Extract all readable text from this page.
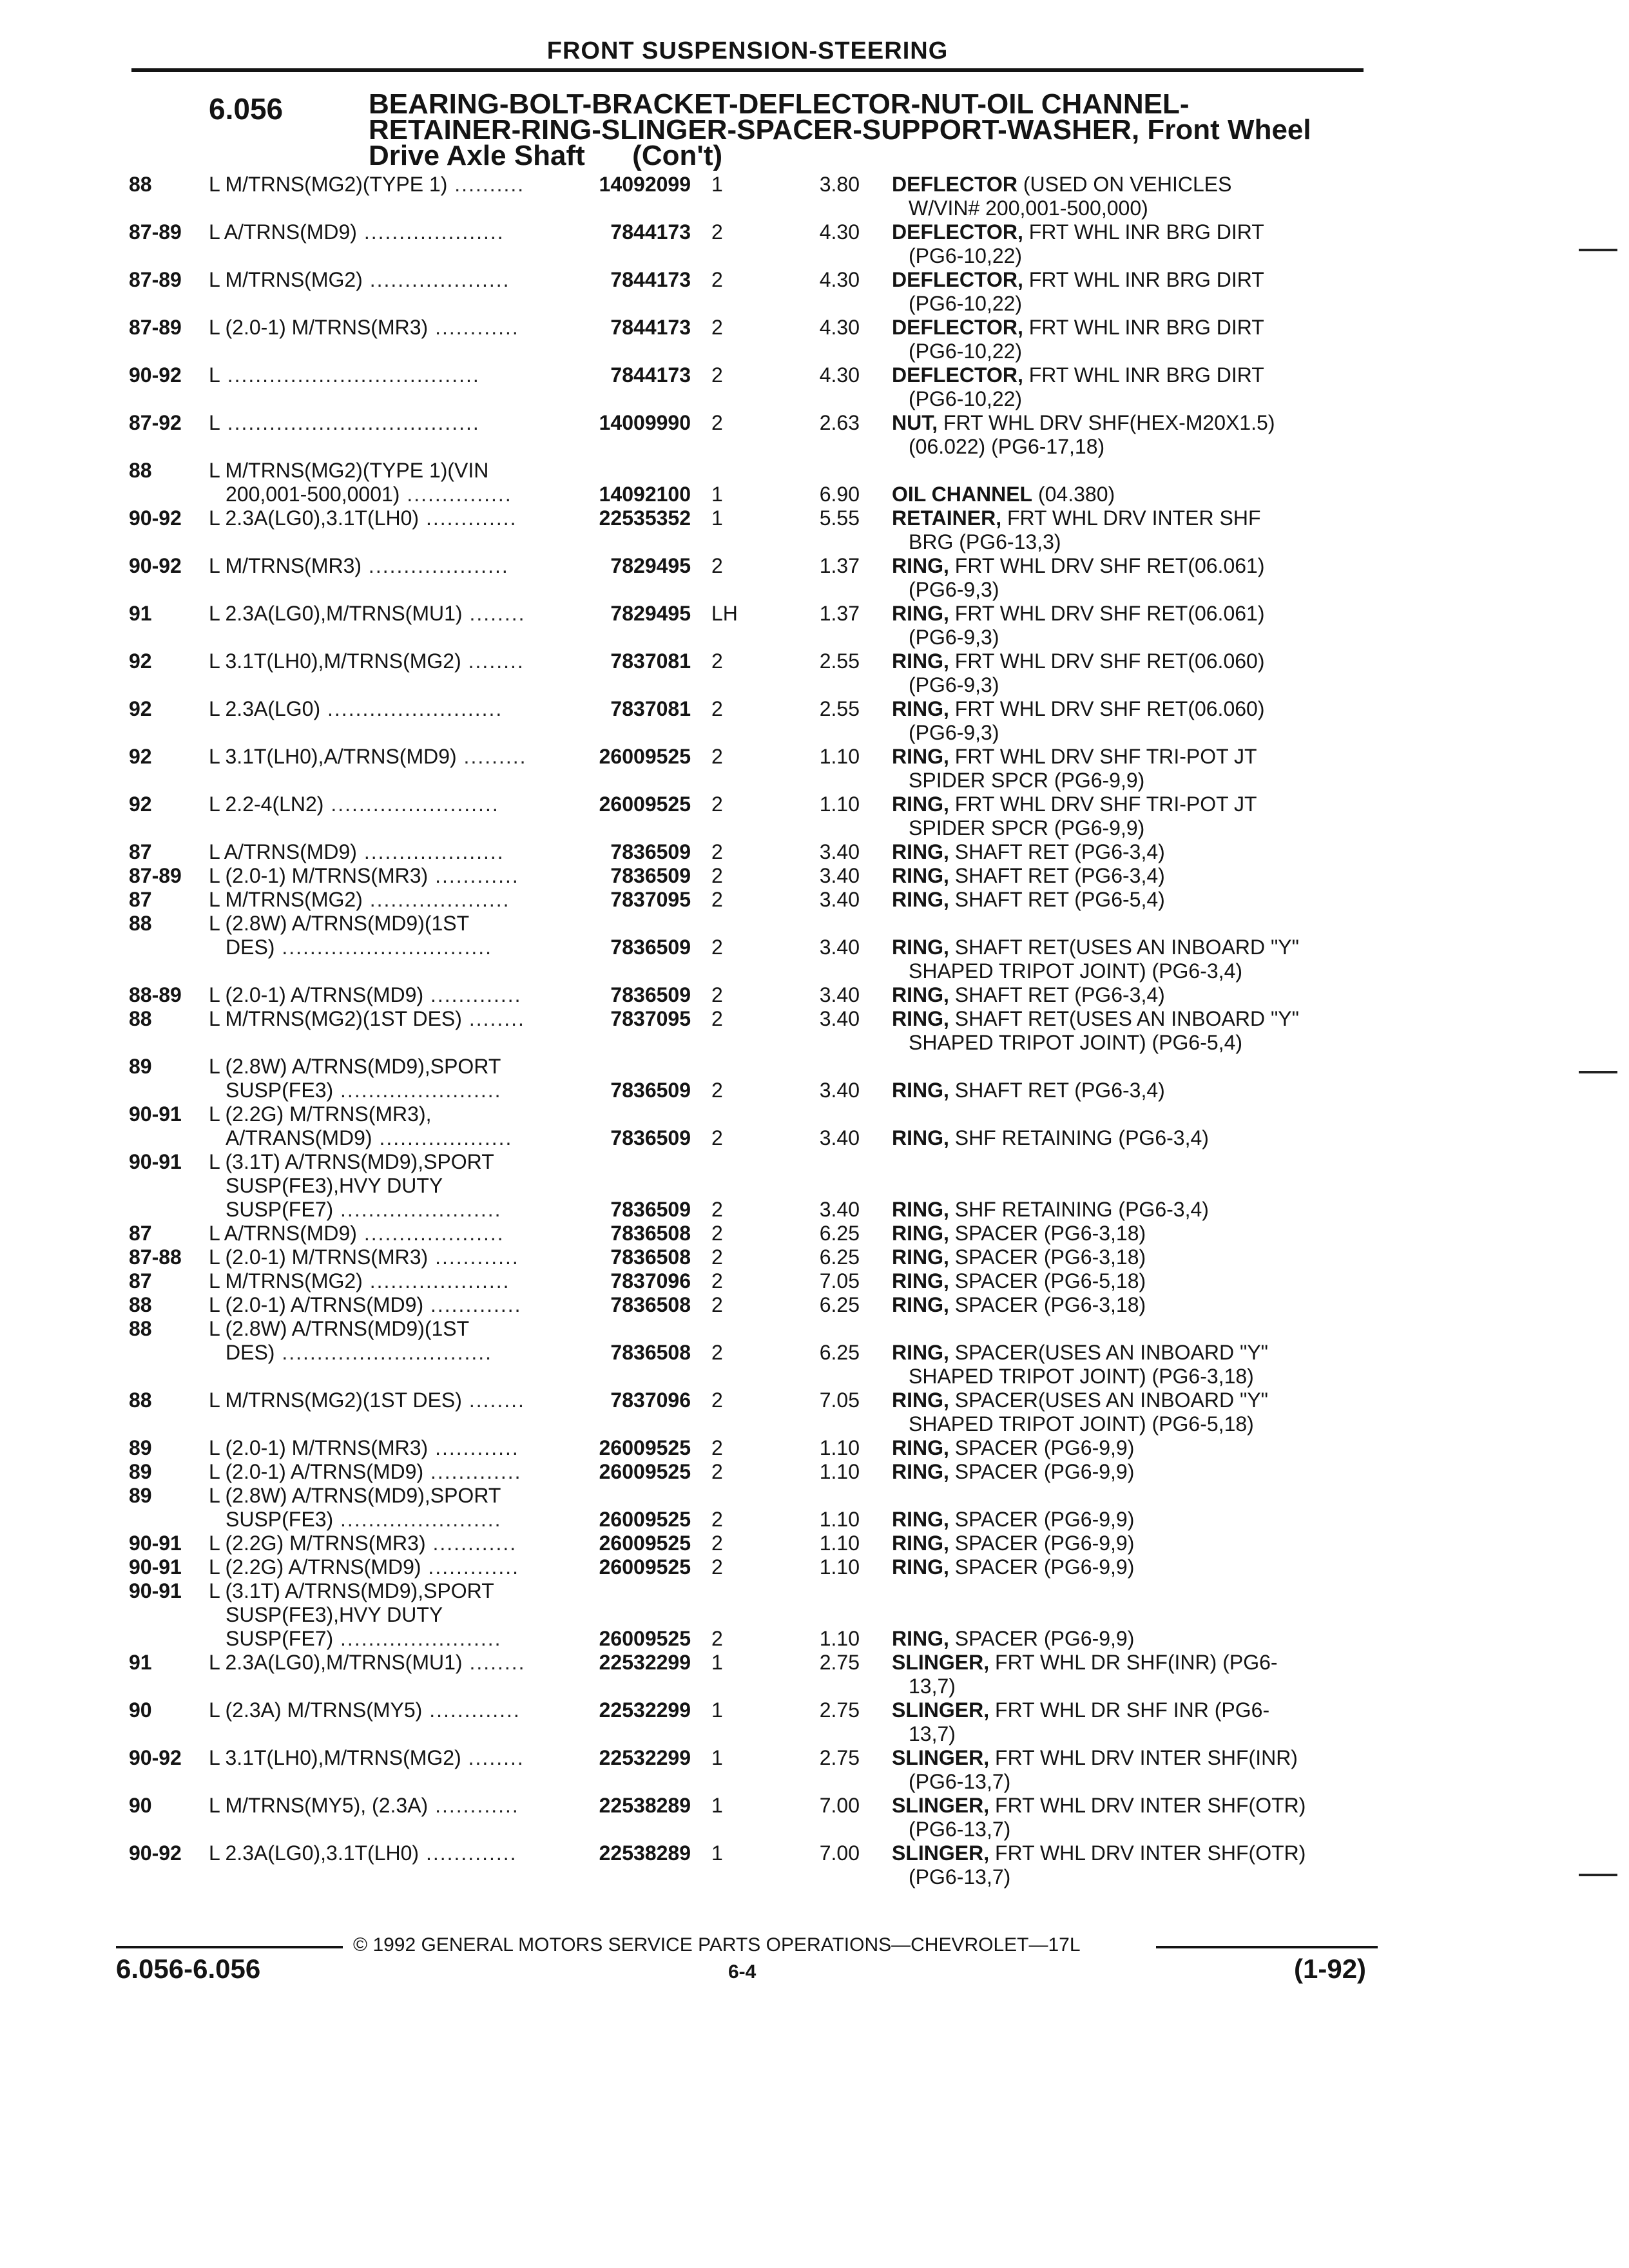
FRONT SUSPENSION-STEERING
6.056	BEARING-BOLT-BRACKET-DEFLECTOR-NUT-OIL CHANNEL-
RETAINER-RING-SLINGER-SPACER-SUPPORT-WASHER, Front Wheel
Drive Axle Shaft      (Con't)
88	L M/TRNS(MG2)(TYPE 1) ..........	14092099 1	3.80 DEFLECTOR (USED ON VEHICLES
W/VIN# 200,001-500,000)
87-89 L A/TRNS(MD9) ....................	7844173 2	4.30 DEFLECTOR, FRT WHL INR BRG DIRT
(PG6-10,22)
87-89 L M/TRNS(MG2) ....................	7844173 2	4.30 DEFLECTOR, FRT WHL INR BRG DIRT
(PG6-10,22)
87-89 L (2.0-1) M/TRNS(MR3) ............	7844173 2	4.30 DEFLECTOR, FRT WHL INR BRG DIRT
(PG6-10,22)
90-92 L ....................................	7844173 2	4.30 DEFLECTOR, FRT WHL INR BRG DIRT
(PG6-10,22)
87-92 L ....................................	14009990 2	2.63 NUT, FRT WHL DRV SHF(HEX-M20X1.5)
(06.022) (PG6-17,18)
88	L M/TRNS(MG2)(TYPE 1)(VIN
200,001-500,0001) ...............	14092100 1	6.90 OIL CHANNEL (04.380)
90-92 L 2.3A(LG0),3.1T(LH0) .............	22535352 1	5.55 RETAINER, FRT WHL DRV INTER SHF
BRG (PG6-13,3)
90-92 L M/TRNS(MR3) ....................	7829495 2	1.37 RING, FRT WHL DRV SHF RET(06.061)
(PG6-9,3)
91	L 2.3A(LG0),M/TRNS(MU1) ........	7829495 LH	1.37 RING, FRT WHL DRV SHF RET(06.061)
(PG6-9,3)
92	L 3.1T(LH0),M/TRNS(MG2) ........	7837081 2	2.55 RING, FRT WHL DRV SHF RET(06.060)
(PG6-9,3)
92	L 2.3A(LG0) .........................	7837081 2	2.55 RING, FRT WHL DRV SHF RET(06.060)
(PG6-9,3)
92	L 3.1T(LH0),A/TRNS(MD9) .........	26009525 2	1.10 RING, FRT WHL DRV SHF TRI-POT JT
SPIDER SPCR (PG6-9,9)
92	L 2.2-4(LN2) ........................	26009525 2	1.10 RING, FRT WHL DRV SHF TRI-POT JT
SPIDER SPCR (PG6-9,9)
87	L A/TRNS(MD9) ....................	7836509 2	3.40 RING, SHAFT RET (PG6-3,4)
87-89 L (2.0-1) M/TRNS(MR3) ............	7836509 2	3.40 RING, SHAFT RET (PG6-3,4)
87	L M/TRNS(MG2) ....................	7837095 2	3.40 RING, SHAFT RET (PG6-5,4)
88	L (2.8W) A/TRNS(MD9)(1ST
DES) ..............................	7836509 2	3.40 RING, SHAFT RET(USES AN INBOARD "Y"
SHAPED TRIPOT JOINT) (PG6-3,4)
88-89 L (2.0-1) A/TRNS(MD9) .............	7836509 2	3.40 RING, SHAFT RET (PG6-3,4)
88	L M/TRNS(MG2)(1ST DES) ........	7837095 2	3.40 RING, SHAFT RET(USES AN INBOARD "Y"
SHAPED TRIPOT JOINT) (PG6-5,4)
89	L (2.8W) A/TRNS(MD9),SPORT
SUSP(FE3) .......................	7836509 2	3.40 RING, SHAFT RET (PG6-3,4)
90-91 L (2.2G) M/TRNS(MR3),
A/TRANS(MD9) ...................	7836509 2	3.40 RING, SHF RETAINING (PG6-3,4)
90-91 L (3.1T) A/TRNS(MD9),SPORT
SUSP(FE3),HVY DUTY
SUSP(FE7) .......................	7836509 2	3.40 RING, SHF RETAINING (PG6-3,4)
87	L A/TRNS(MD9) ....................	7836508 2	6.25 RING, SPACER (PG6-3,18)
87-88 L (2.0-1) M/TRNS(MR3) ............	7836508 2	6.25 RING, SPACER (PG6-3,18)
87	L M/TRNS(MG2) ....................	7837096 2	7.05 RING, SPACER (PG6-5,18)
88	L (2.0-1) A/TRNS(MD9) .............	7836508 2	6.25 RING, SPACER (PG6-3,18)
88	L (2.8W) A/TRNS(MD9)(1ST
DES) ..............................	7836508 2	6.25 RING, SPACER(USES AN INBOARD "Y"
SHAPED TRIPOT JOINT) (PG6-3,18)
88	L M/TRNS(MG2)(1ST DES) ........	7837096 2	7.05 RING, SPACER(USES AN INBOARD "Y"
SHAPED TRIPOT JOINT) (PG6-5,18)
89	L (2.0-1) M/TRNS(MR3) ............	26009525 2	1.10 RING, SPACER (PG6-9,9)
89	L (2.0-1) A/TRNS(MD9) .............	26009525 2	1.10 RING, SPACER (PG6-9,9)
89	L (2.8W) A/TRNS(MD9),SPORT
SUSP(FE3) .......................	26009525 2	1.10 RING, SPACER (PG6-9,9)
90-91 L (2.2G) M/TRNS(MR3) ............	26009525 2	1.10 RING, SPACER (PG6-9,9)
90-91 L (2.2G) A/TRNS(MD9) .............	26009525 2	1.10 RING, SPACER (PG6-9,9)
90-91 L (3.1T) A/TRNS(MD9),SPORT
SUSP(FE3),HVY DUTY
SUSP(FE7) .......................	26009525 2	1.10 RING, SPACER (PG6-9,9)
91	L 2.3A(LG0),M/TRNS(MU1) ........	22532299 1	2.75 SLINGER, FRT WHL DR SHF(INR) (PG6-
13,7)
90	L (2.3A) M/TRNS(MY5) .............	22532299 1	2.75 SLINGER, FRT WHL DR SHF INR (PG6-
13,7)
90-92 L 3.1T(LH0),M/TRNS(MG2) ........	22532299 1	2.75 SLINGER, FRT WHL DRV INTER SHF(INR)
(PG6-13,7)
90	L M/TRNS(MY5), (2.3A) ............	22538289 1	7.00 SLINGER, FRT WHL DRV INTER SHF(OTR)
(PG6-13,7)
90-92 L 2.3A(LG0),3.1T(LH0) .............	22538289 1	7.00 SLINGER, FRT WHL DRV INTER SHF(OTR)
(PG6-13,7)
© 1992 GENERAL MOTORS SERVICE PARTS OPERATIONS—CHEVROLET—17L
6.056-6.056	6-4	(1-92)
